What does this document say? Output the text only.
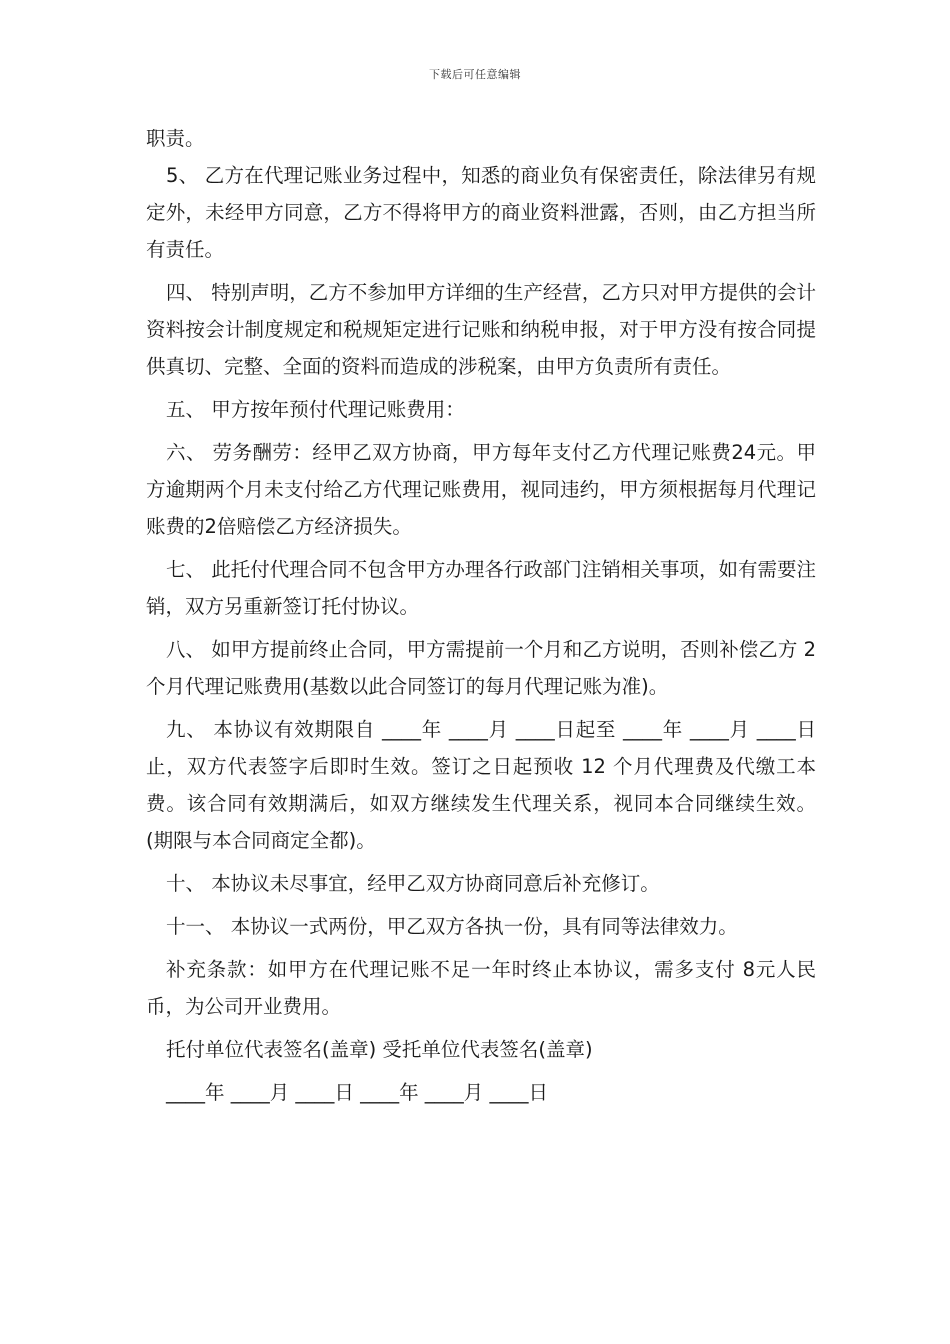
下载后可任意编辑

职责。

5、 乙方在代理记账业务过程中，知悉的商业负有保密责任，除法律另有规定外，未经甲方同意，乙方不得将甲方的商业资料泄露，否则，由乙方担当所有责任。

四、 特别声明，乙方不参加甲方详细的生产经营，乙方只对甲方提供的会计资料按会计制度规定和税规矩定进行记账和纳税申报，对于甲方没有按合同提供真切、完整、全面的资料而造成的涉税案，由甲方负责所有责任。

五、 甲方按年预付代理记账费用：

六、 劳务酬劳：经甲乙双方协商，甲方每年支付乙方代理记账费24元。甲方逾期两个月未支付给乙方代理记账费用，视同违约，甲方须根据每月代理记账费的2倍赔偿乙方经济损失。

七、 此托付代理合同不包含甲方办理各行政部门注销相关事项，如有需要注销，双方另重新签订托付协议。

八、 如甲方提前终止合同，甲方需提前一个月和乙方说明，否则补偿乙方 2 个月代理记账费用(基数以此合同签订的每月代理记账为准)。

九、 本协议有效期限自 ____年 ____月 ____日起至 ____年 ____月 ____日止，双方代表签字后即时生效。签订之日起预收 12 个月代理费及代缴工本费。该合同有效期满后，如双方继续发生代理关系，视同本合同继续生效。(期限与本合同商定全都)。

十、 本协议未尽事宜，经甲乙双方协商同意后补充修订。

十一、 本协议一式两份，甲乙双方各执一份，具有同等法律效力。

补充条款：如甲方在代理记账不足一年时终止本协议，需多支付 8元人民币，为公司开业费用。

托付单位代表签名(盖章) 受托单位代表签名(盖章)

____年 ____月 ____日 ____年 ____月 ____日
